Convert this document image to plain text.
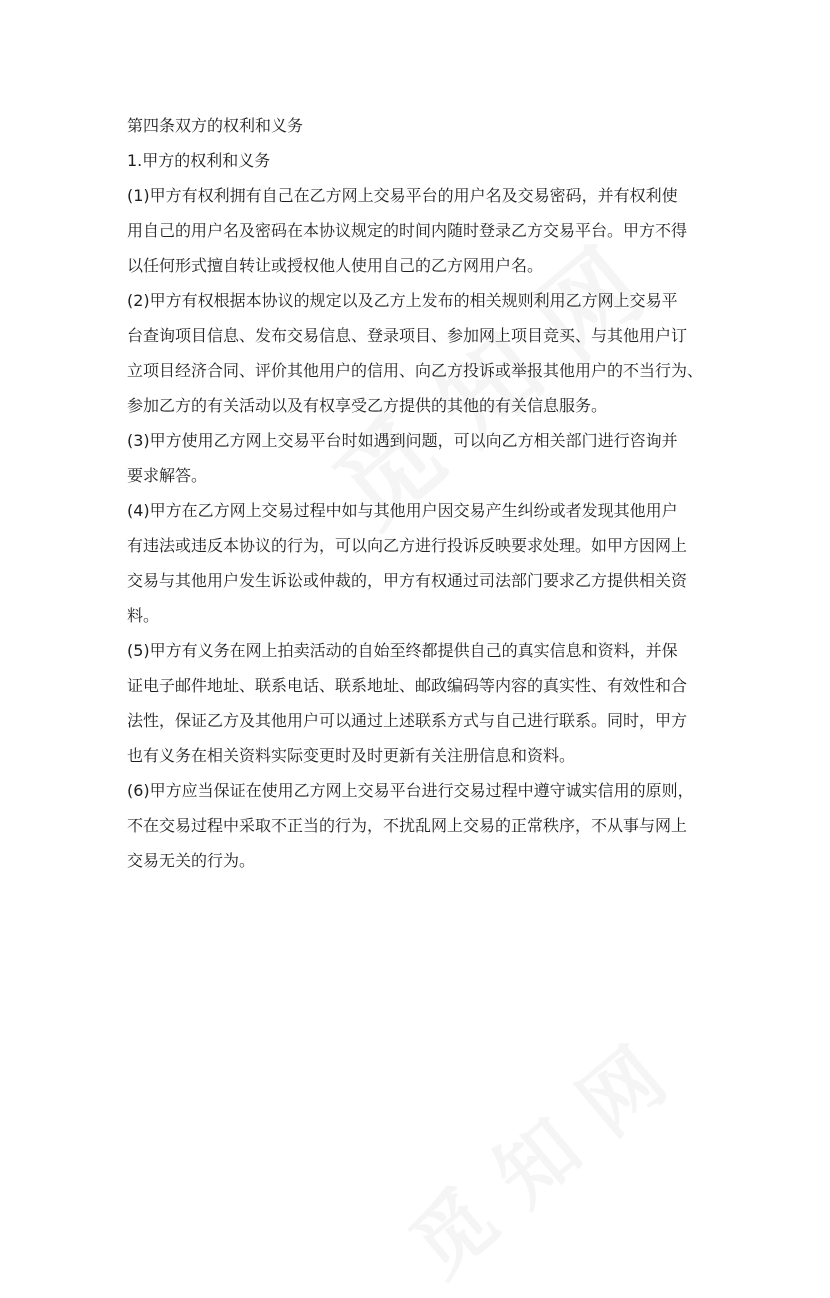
第四条双方的权利和义务

1.甲方的权利和义务

(1)甲方有权利拥有自己在乙方网上交易平台的用户名及交易密码，并有权利使

用自己的用户名及密码在本协议规定的时间内随时登录乙方交易平台。甲方不得

以任何形式擅自转让或授权他人使用自己的乙方网用户名。

(2)甲方有权根据本协议的规定以及乙方上发布的相关规则利用乙方网上交易平

台查询项目信息、发布交易信息、登录项目、参加网上项目竞买、与其他用户订

立项目经济合同、评价其他用户的信用、向乙方投诉或举报其他用户的不当行为、

参加乙方的有关活动以及有权享受乙方提供的其他的有关信息服务。

(3)甲方使用乙方网上交易平台时如遇到问题，可以向乙方相关部门进行咨询并

要求解答。

(4)甲方在乙方网上交易过程中如与其他用户因交易产生纠纷或者发现其他用户

有违法或违反本协议的行为，可以向乙方进行投诉反映要求处理。如甲方因网上

交易与其他用户发生诉讼或仲裁的，甲方有权通过司法部门要求乙方提供相关资

料。

(5)甲方有义务在网上拍卖活动的自始至终都提供自己的真实信息和资料，并保

证电子邮件地址、联系电话、联系地址、邮政编码等内容的真实性、有效性和合

法性，保证乙方及其他用户可以通过上述联系方式与自己进行联系。同时，甲方

也有义务在相关资料实际变更时及时更新有关注册信息和资料。

(6)甲方应当保证在使用乙方网上交易平台进行交易过程中遵守诚实信用的原则，

不在交易过程中采取不正当的行为，不扰乱网上交易的正常秩序，不从事与网上

交易无关的行为。
